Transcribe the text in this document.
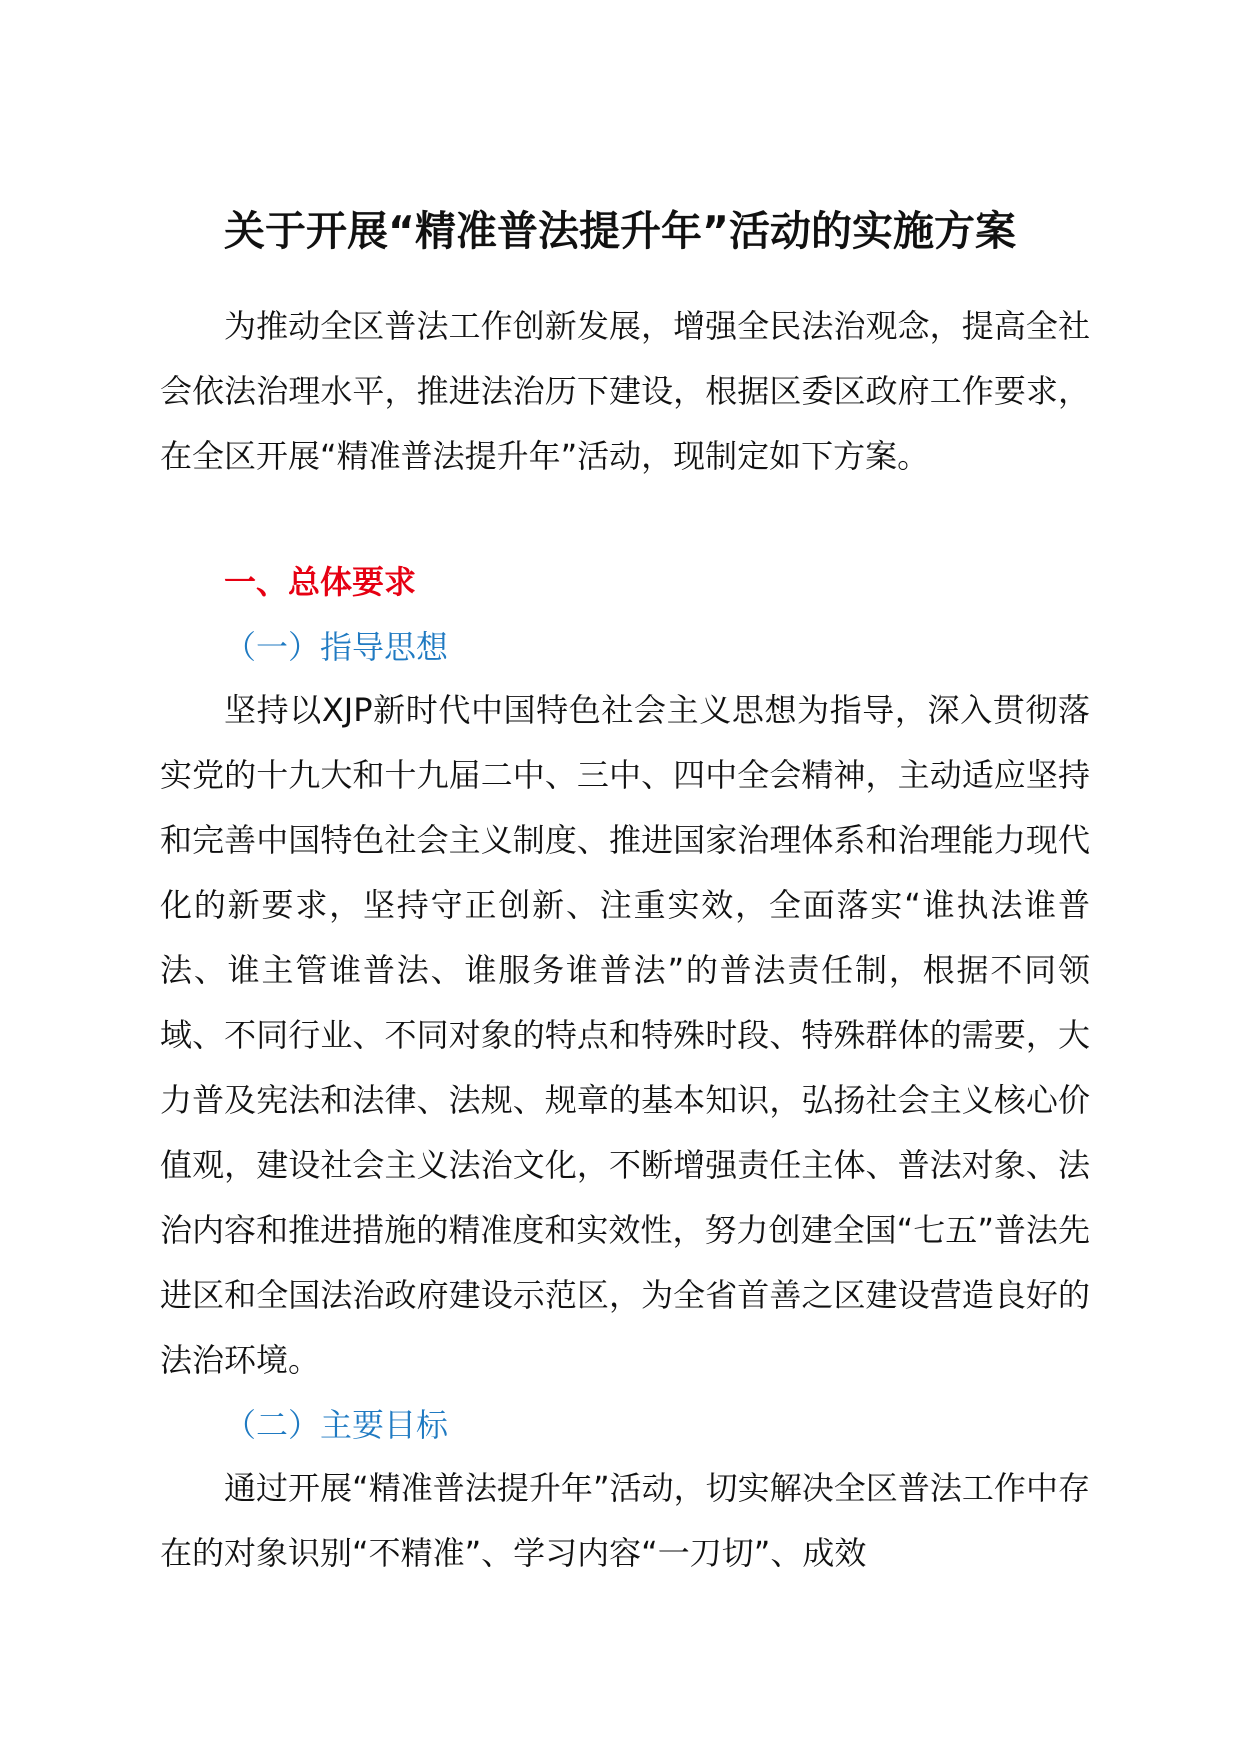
关于开展“精准普法提升年”活动的实施方案

为推动全区普法工作创新发展，增强全民法治观念，提高全社会依法治理水平，推进法治历下建设，根据区委区政府工作要求，在全区开展“精准普法提升年”活动，现制定如下方案。

一、总体要求
（一）指导思想

坚持以XJP新时代中国特色社会主义思想为指导，深入贯彻落实党的十九大和十九届二中、三中、四中全会精神，主动适应坚持和完善中国特色社会主义制度、推进国家治理体系和治理能力现代化的新要求，坚持守正创新、注重实效，全面落实“谁执法谁普法、谁主管谁普法、谁服务谁普法”的普法责任制，根据不同领域、不同行业、不同对象的特点和特殊时段、特殊群体的需要，大力普及宪法和法律、法规、规章的基本知识，弘扬社会主义核心价值观，建设社会主义法治文化，不断增强责任主体、普法对象、法治内容和推进措施的精准度和实效性，努力创建全国“七五”普法先进区和全国法治政府建设示范区，为全省首善之区建设营造良好的法治环境。

（二）主要目标

通过开展“精准普法提升年”活动，切实解决全区普法工作中存在的对象识别“不精准”、学习内容“一刀切”、成效
